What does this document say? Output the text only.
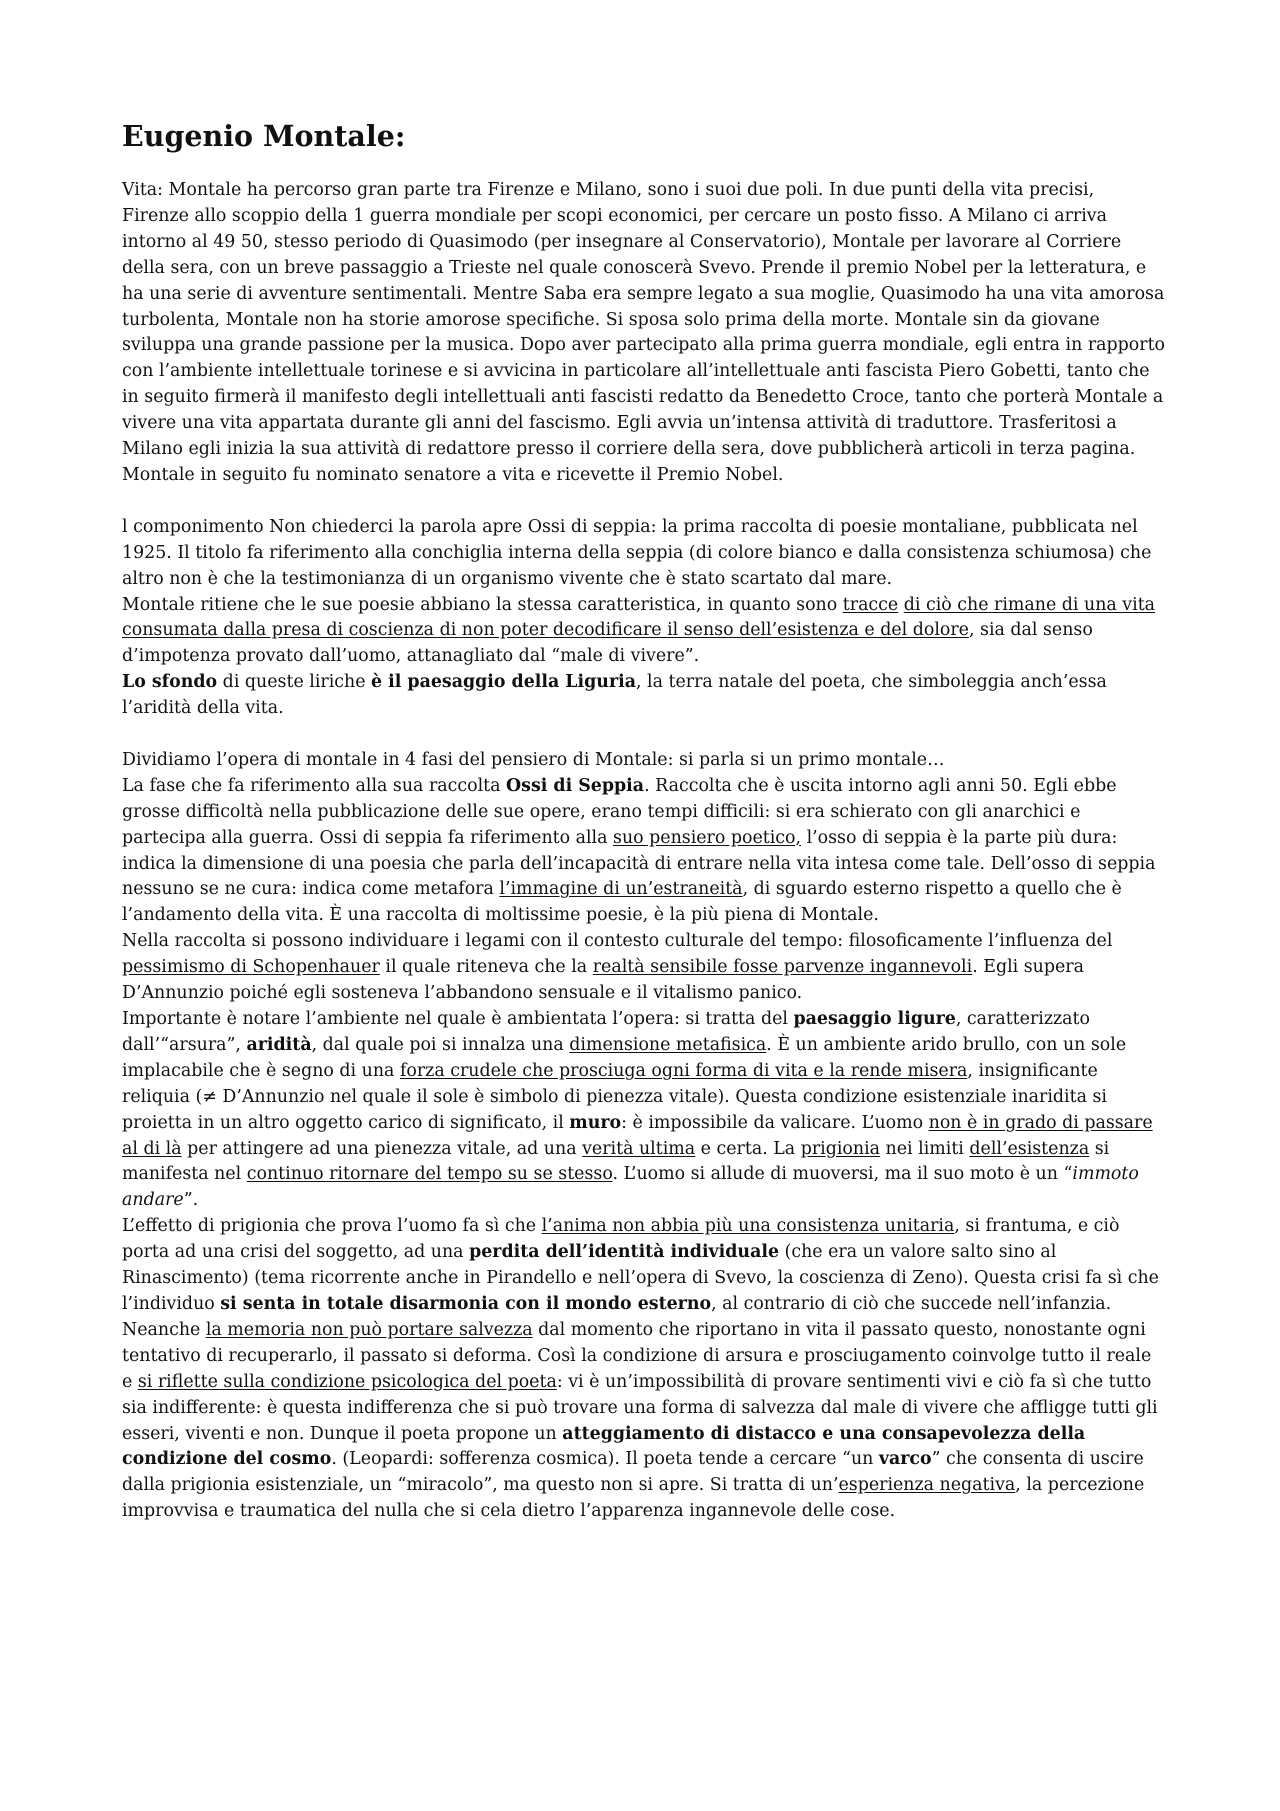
Eugenio Montale:

Vita: Montale ha percorso gran parte tra Firenze e Milano, sono i suoi due poli. In due punti della vita precisi, Firenze allo scoppio della 1 guerra mondiale per scopi economici, per cercare un posto fisso. A Milano ci arriva intorno al 49 50, stesso periodo di Quasimodo (per insegnare al Conservatorio), Montale per lavorare al Corriere della sera, con un breve passaggio a Trieste nel quale conoscerà Svevo. Prende il premio Nobel per la letteratura, e ha una serie di avventure sentimentali. Mentre Saba era sempre legato a sua moglie, Quasimodo ha una vita amorosa turbolenta, Montale non ha storie amorose specifiche. Si sposa solo prima della morte. Montale sin da giovane sviluppa una grande passione per la musica. Dopo aver partecipato alla prima guerra mondiale, egli entra in rapporto con l’ambiente intellettuale torinese e si avvicina in particolare all’intellettuale anti fascista Piero Gobetti, tanto che in seguito firmerà il manifesto degli intellettuali anti fascisti redatto da Benedetto Croce, tanto che porterà Montale a vivere una vita appartata durante gli anni del fascismo. Egli avvia un’intensa attività di traduttore. Trasferitosi a Milano egli inizia la sua attività di redattore presso il corriere della sera, dove pubblicherà articoli in terza pagina. Montale in seguito fu nominato senatore a vita e ricevette il Premio Nobel.

l componimento Non chiederci la parola apre Ossi di seppia: la prima raccolta di poesie montaliane, pubblicata nel 1925. Il titolo fa riferimento alla conchiglia interna della seppia (di colore bianco e dalla consistenza schiumosa) che altro non è che la testimonianza di un organismo vivente che è stato scartato dal mare.

Montale ritiene che le sue poesie abbiano la stessa caratteristica, in quanto sono tracce di ciò che rimane di una vita consumata dalla presa di coscienza di non poter decodificare il senso dell’esistenza e del dolore, sia dal senso d’impotenza provato dall’uomo, attanagliato dal “male di vivere”.

Lo sfondo di queste liriche è il paesaggio della Liguria, la terra natale del poeta, che simboleggia anch’essa l’aridità della vita.

Dividiamo l’opera di montale in 4 fasi del pensiero di Montale: si parla si un primo montale…

La fase che fa riferimento alla sua raccolta Ossi di Seppia. Raccolta che è uscita intorno agli anni 50. Egli ebbe grosse difficoltà nella pubblicazione delle sue opere, erano tempi difficili: si era schierato con gli anarchici e partecipa alla guerra. Ossi di seppia fa riferimento alla suo pensiero poetico, l’osso di seppia è la parte più dura: indica la dimensione di una poesia che parla dell’incapacità di entrare nella vita intesa come tale. Dell’osso di seppia nessuno se ne cura: indica come metafora l’immagine di un’estraneità, di sguardo esterno rispetto a quello che è l’andamento della vita. È una raccolta di moltissime poesie, è la più piena di Montale.

Nella raccolta si possono individuare i legami con il contesto culturale del tempo: filosoficamente l’influenza del pessimismo di Schopenhauer il quale riteneva che la realtà sensibile fosse parvenze ingannevoli. Egli supera D’Annunzio poiché egli sosteneva l’abbandono sensuale e il vitalismo panico.

Importante è notare l’ambiente nel quale è ambientata l’opera: si tratta del paesaggio ligure, caratterizzato dall’“arsura”, aridità, dal quale poi si innalza una dimensione metafisica. È un ambiente arido brullo, con un sole implacabile che è segno di una forza crudele che prosciuga ogni forma di vita e la rende misera, insignificante reliquia (≠ D’Annunzio nel quale il sole è simbolo di pienezza vitale). Questa condizione esistenziale inaridita si proietta in un altro oggetto carico di significato, il muro: è impossibile da valicare. L’uomo non è in grado di passare al di là per attingere ad una pienezza vitale, ad una verità ultima e certa. La prigionia nei limiti dell’esistenza si manifesta nel continuo ritornare del tempo su se stesso. L’uomo si allude di muoversi, ma il suo moto è un “immoto andare”.

L’effetto di prigionia che prova l’uomo fa sì che l’anima non abbia più una consistenza unitaria, si frantuma, e ciò porta ad una crisi del soggetto, ad una perdita dell’identità individuale (che era un valore salto sino al Rinascimento) (tema ricorrente anche in Pirandello e nell’opera di Svevo, la coscienza di Zeno). Questa crisi fa sì che l’individuo si senta in totale disarmonia con il mondo esterno, al contrario di ciò che succede nell’infanzia. Neanche la memoria non può portare salvezza dal momento che riportano in vita il passato questo, nonostante ogni tentativo di recuperarlo, il passato si deforma. Così la condizione di arsura e prosciugamento coinvolge tutto il reale e si riflette sulla condizione psicologica del poeta: vi è un’impossibilità di provare sentimenti vivi e ciò fa sì che tutto sia indifferente: è questa indifferenza che si può trovare una forma di salvezza dal male di vivere che affligge tutti gli esseri, viventi e non. Dunque il poeta propone un atteggiamento di distacco e una consapevolezza della condizione del cosmo. (Leopardi: sofferenza cosmica). Il poeta tende a cercare “un varco” che consenta di uscire dalla prigionia esistenziale, un “miracolo”, ma questo non si apre. Si tratta di un’esperienza negativa, la percezione improvvisa e traumatica del nulla che si cela dietro l’apparenza ingannevole delle cose.
